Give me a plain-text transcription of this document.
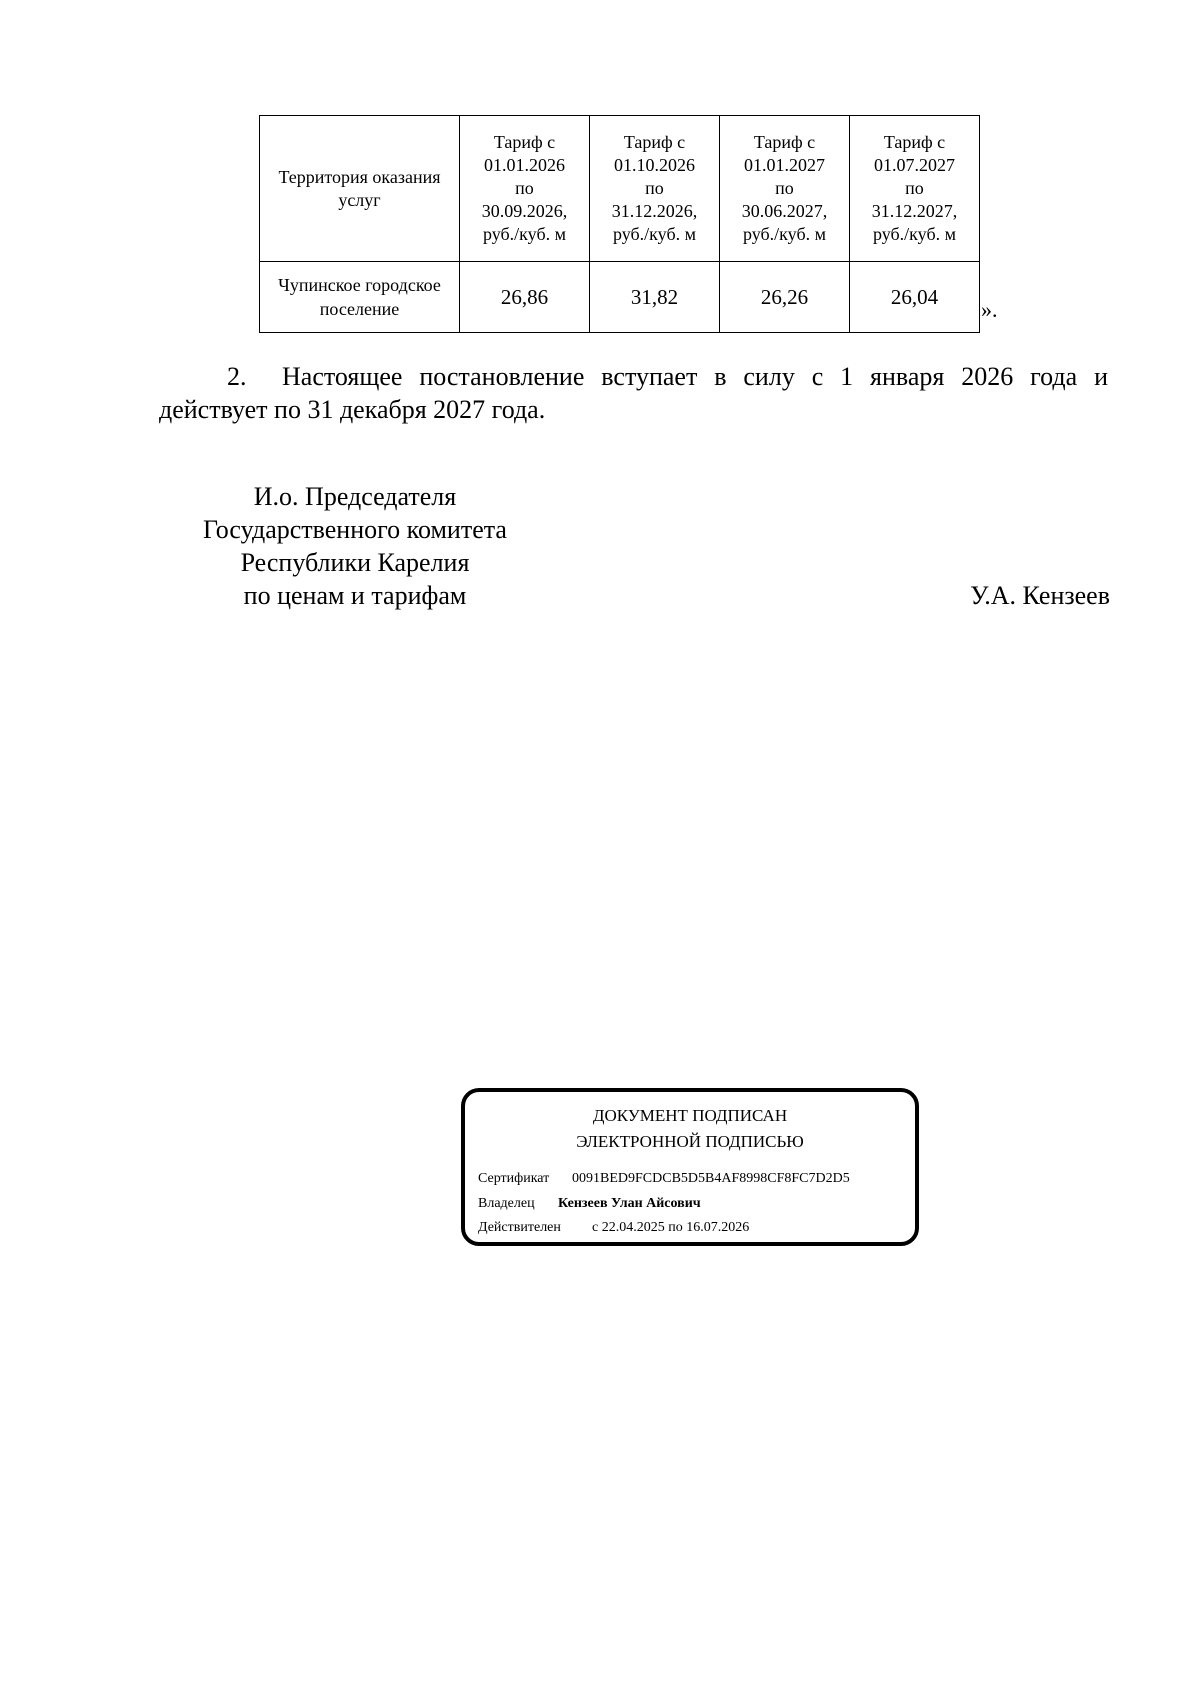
Территория оказания услуг	Тариф с
01.01.2026
по
30.09.2026,
руб./куб. м	Тариф с
01.10.2026
по
31.12.2026,
руб./куб. м	Тариф с
01.01.2027
по
30.06.2027,
руб./куб. м	Тариф с
01.07.2027
по
31.12.2027,
руб./куб. м

Чупинское городское поселение	26,86	31,82	26,26	26,04
».

2. Настоящее постановление вступает в силу с 1 января 2026 года и действует по 31 декабря 2027 года.

И.о. Председателя
Государственного комитета
Республики Карелия
по ценам и тарифам	У.А. Кензеев
ДОКУМЕНТ ПОДПИСАН
ЭЛЕКТРОННОЙ ПОДПИСЬЮ
Сертификат 0091BED9FCDCB5D5B4AF8998CF8FC7D2D5
Владелец Кензеев Улан Айсович
Действителен с 22.04.2025 по 16.07.2026
